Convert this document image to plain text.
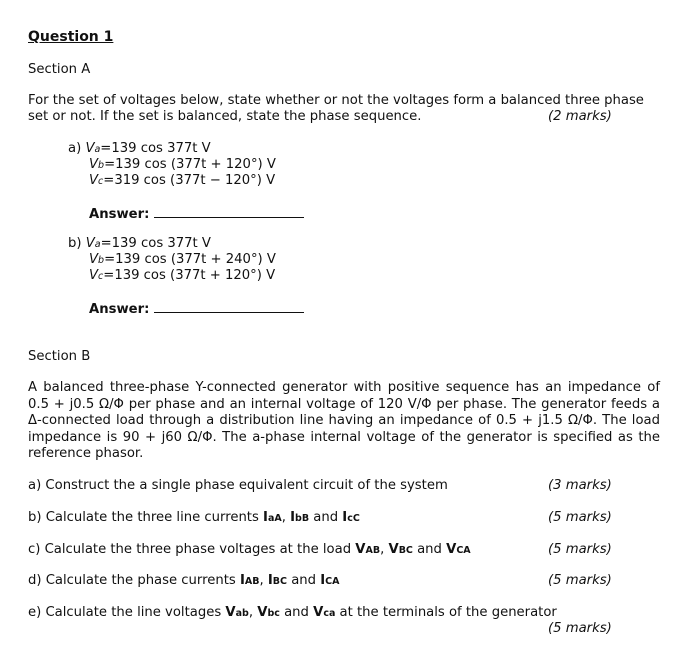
Question 1
Section A
For the set of voltages below, state whether or not the voltages form a balanced three phase
set or not. If the set is balanced, state the phase sequence.	(2 marks)
a) Va=139 cos 377t V
Vb=139 cos (377t + 120°) V
Vc=319 cos (377t − 120°) V
Answer:
b) Va=139 cos 377t V
Vb=139 cos (377t + 240°) V
Vc=139 cos (377t + 120°) V
Answer:
Section B
A balanced three-phase Y-connected generator with positive sequence has an impedance of 0.5 + j0.5 Ω/Φ per phase and an internal voltage of 120 V/Φ per phase. The generator feeds a Δ-connected load through a distribution line having an impedance of 0.5 + j1.5 Ω/Φ. The load impedance is 90 + j60 Ω/Φ. The a-phase internal voltage of the generator is specified as the reference phasor.
a) Construct the a single phase equivalent circuit of the system	(3 marks)
b) Calculate the three line currents IaA, IbB and IcC	(5 marks)
c) Calculate the three phase voltages at the load VAB, VBC and VCA	(5 marks)
d) Calculate the phase currents IAB, IBC and ICA	(5 marks)
e) Calculate the line voltages Vab, Vbc and Vca at the terminals of the generator
(5 marks)
